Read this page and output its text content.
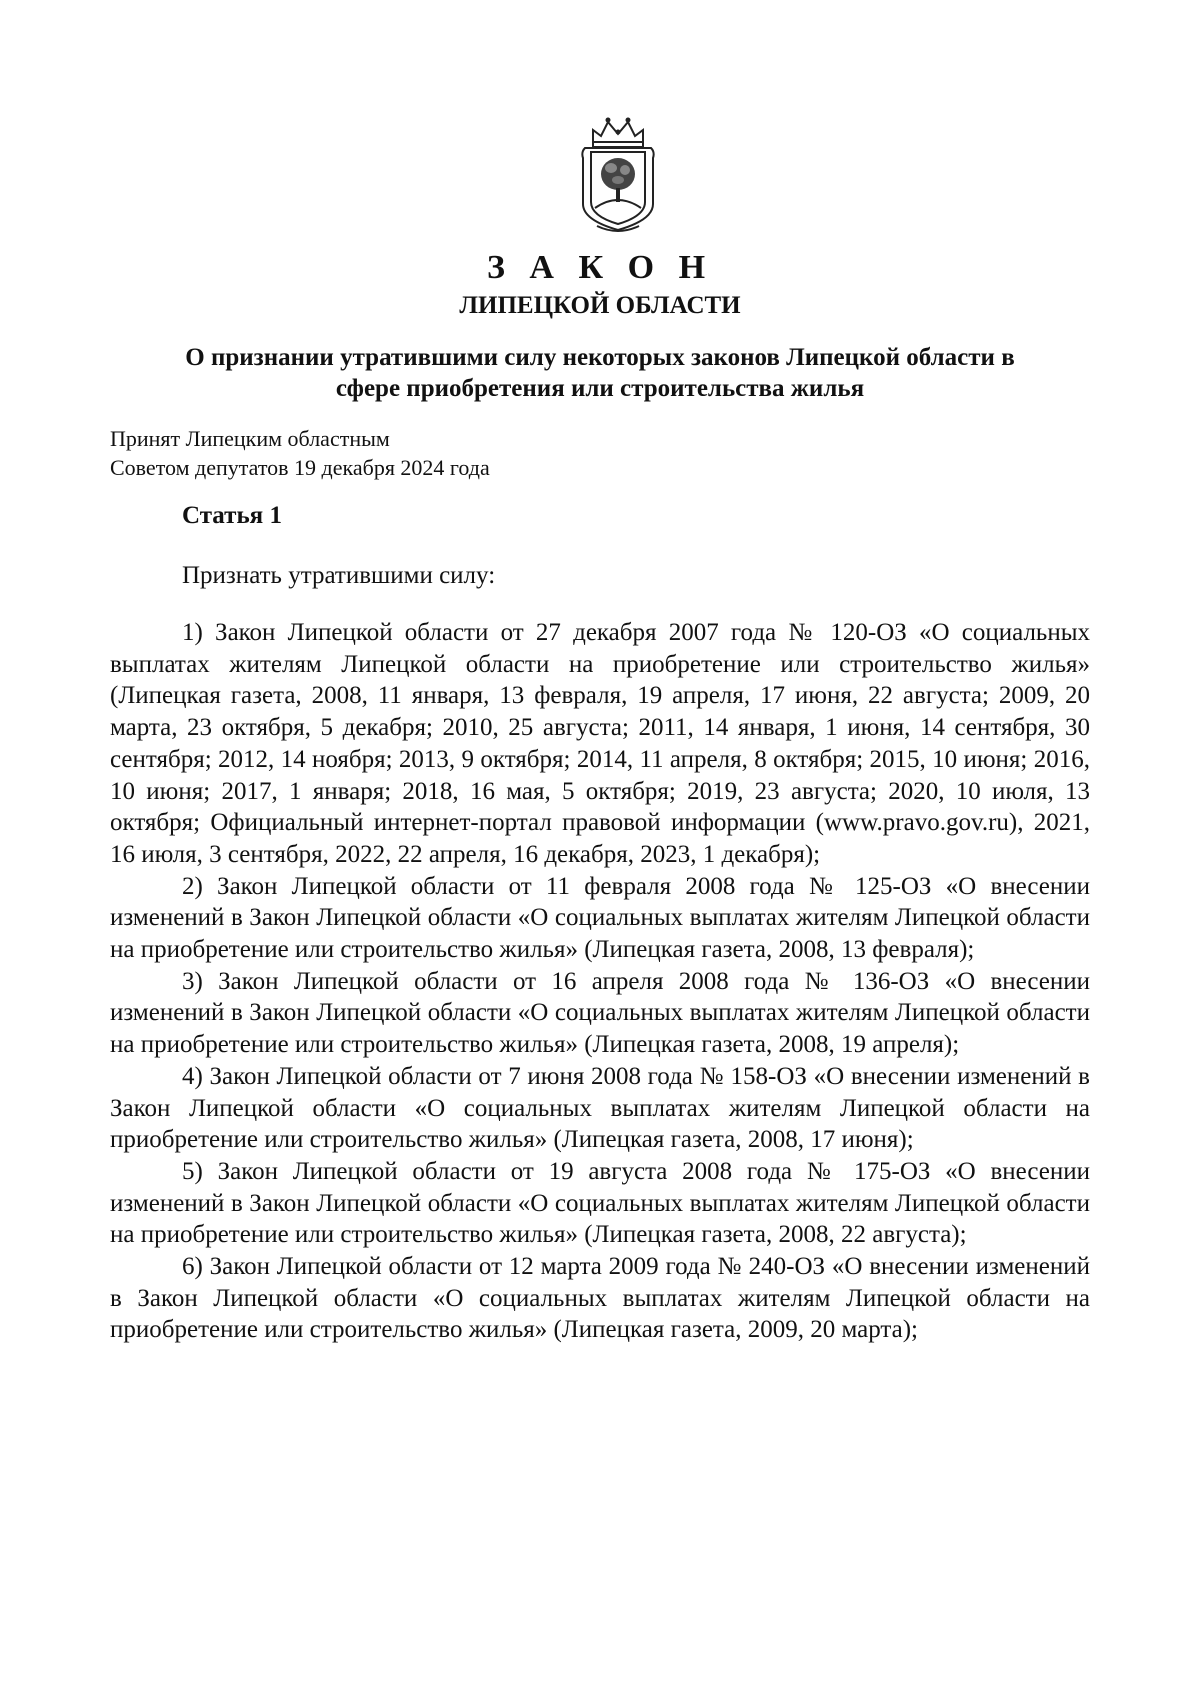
З А К О Н
ЛИПЕЦКОЙ ОБЛАСТИ
О признании утратившими силу некоторых законов Липецкой области в
сфере приобретения или строительства жилья
Принят Липецким областным
Советом депутатов 19 декабря 2024 года
Статья 1
Признать утратившими силу:

1) Закон Липецкой области от 27 декабря 2007 года № 120-ОЗ «О социальных выплатах жителям Липецкой области на приобретение или строительство жилья» (Липецкая газета, 2008, 11 января, 13 февраля, 19 апреля, 17 июня, 22 августа; 2009, 20 марта, 23 октября, 5 декабря; 2010, 25 августа; 2011, 14 января, 1 июня, 14 сентября, 30 сентября; 2012, 14 ноября; 2013, 9 октября; 2014, 11 апреля, 8 октября; 2015, 10 июня; 2016, 10 июня; 2017, 1 января; 2018, 16 мая, 5 октября; 2019, 23 августа; 2020, 10 июля, 13 октября; Официальный интернет-портал правовой информации (www.pravo.gov.ru), 2021, 16 июля, 3 сентября, 2022, 22 апреля, 16 декабря, 2023, 1 декабря);

2) Закон Липецкой области от 11 февраля 2008 года № 125-ОЗ «О внесении изменений в Закон Липецкой области «О социальных выплатах жителям Липецкой области на приобретение или строительство жилья» (Липецкая газета, 2008, 13 февраля);

3) Закон Липецкой области от 16 апреля 2008 года № 136-ОЗ «О внесении изменений в Закон Липецкой области «О социальных выплатах жителям Липецкой области на приобретение или строительство жилья» (Липецкая газета, 2008, 19 апреля);

4) Закон Липецкой области от 7 июня 2008 года № 158-ОЗ «О внесении изменений в Закон Липецкой области «О социальных выплатах жителям Липецкой области на приобретение или строительство жилья» (Липецкая газета, 2008, 17 июня);

5) Закон Липецкой области от 19 августа 2008 года № 175-ОЗ «О внесении изменений в Закон Липецкой области «О социальных выплатах жителям Липецкой области на приобретение или строительство жилья» (Липецкая газета, 2008, 22 августа);

6) Закон Липецкой области от 12 марта 2009 года № 240-ОЗ «О внесении изменений в Закон Липецкой области «О социальных выплатах жителям Липецкой области на приобретение или строительство жилья» (Липецкая газета, 2009, 20 марта);
